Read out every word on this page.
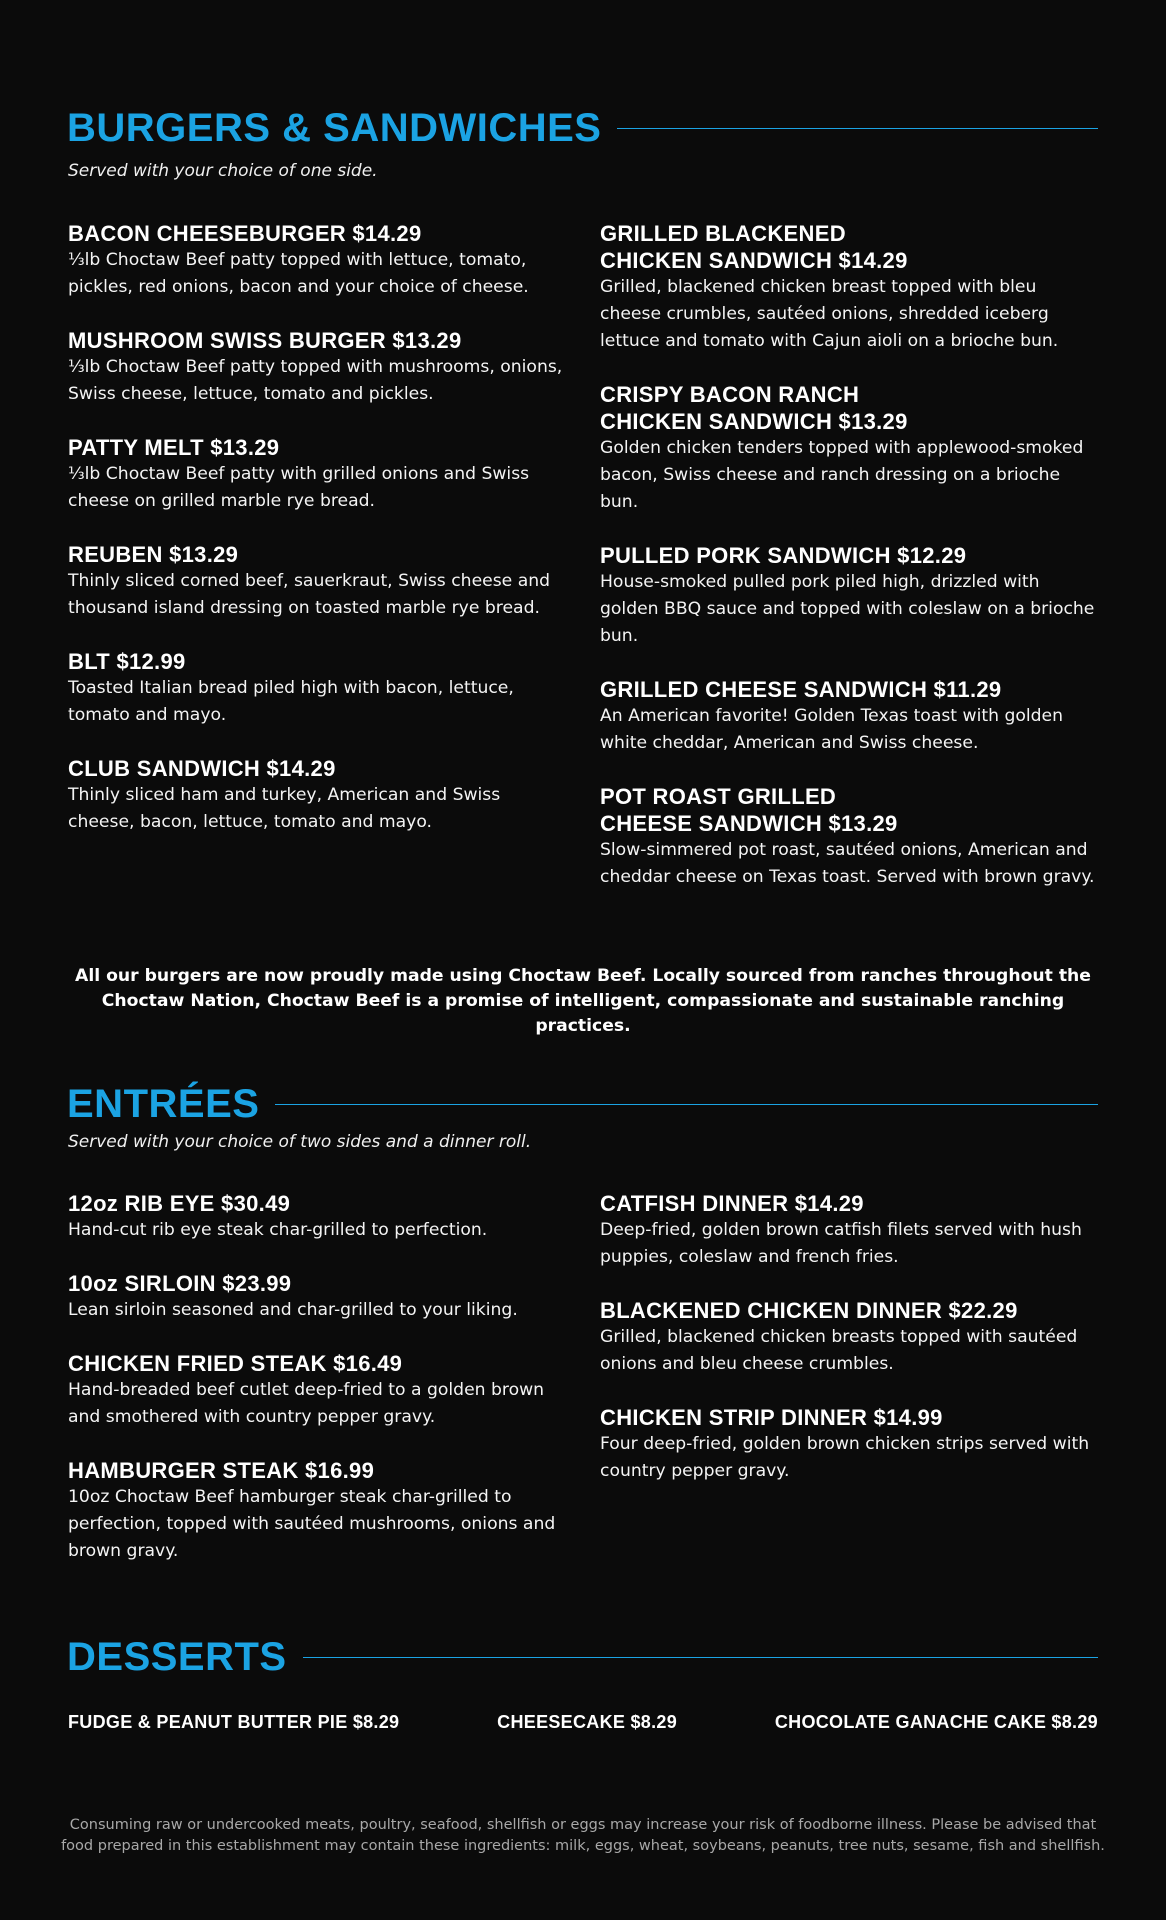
BURGERS & SANDWICHES
Served with your choice of one side.
BACON CHEESEBURGER $14.29
⅓lb Choctaw Beef patty topped with lettuce, tomato, pickles, red onions, bacon and your choice of cheese.
MUSHROOM SWISS BURGER $13.29
⅓lb Choctaw Beef patty topped with mushrooms, onions, Swiss cheese, lettuce, tomato and pickles.
PATTY MELT $13.29
⅓lb Choctaw Beef patty with grilled onions and Swiss cheese on grilled marble rye bread.
REUBEN $13.29
Thinly sliced corned beef, sauerkraut, Swiss cheese and thousand island dressing on toasted marble rye bread.
BLT $12.99
Toasted Italian bread piled high with bacon, lettuce, tomato and mayo.
CLUB SANDWICH $14.29
Thinly sliced ham and turkey, American and Swiss cheese, bacon, lettuce, tomato and mayo.
GRILLED BLACKENED
CHICKEN SANDWICH $14.29
Grilled, blackened chicken breast topped with bleu cheese crumbles, sautéed onions, shredded iceberg lettuce and tomato with Cajun aioli on a brioche bun.
CRISPY BACON RANCH
CHICKEN SANDWICH $13.29
Golden chicken tenders topped with applewood-smoked bacon, Swiss cheese and ranch dressing on a brioche bun.
PULLED PORK SANDWICH $12.29
House-smoked pulled pork piled high, drizzled with golden BBQ sauce and topped with coleslaw on a brioche bun.
GRILLED CHEESE SANDWICH $11.29
An American favorite! Golden Texas toast with golden white cheddar, American and Swiss cheese.
POT ROAST GRILLED
CHEESE SANDWICH $13.29
Slow-simmered pot roast, sautéed onions, American and cheddar cheese on Texas toast. Served with brown gravy.
All our burgers are now proudly made using Choctaw Beef. Locally sourced from ranches throughout the Choctaw Nation, Choctaw Beef is a promise of intelligent, compassionate and sustainable ranching practices.
ENTRÉES
Served with your choice of two sides and a dinner roll.
12oz RIB EYE $30.49
Hand-cut rib eye steak char-grilled to perfection.
10oz SIRLOIN $23.99
Lean sirloin seasoned and char-grilled to your liking.
CHICKEN FRIED STEAK $16.49
Hand-breaded beef cutlet deep-fried to a golden brown and smothered with country pepper gravy.
HAMBURGER STEAK $16.99
10oz Choctaw Beef hamburger steak char-grilled to perfection, topped with sautéed mushrooms, onions and brown gravy.
CATFISH DINNER $14.29
Deep-fried, golden brown catfish filets served with hush puppies, coleslaw and french fries.
BLACKENED CHICKEN DINNER $22.29
Grilled, blackened chicken breasts topped with sautéed onions and bleu cheese crumbles.
CHICKEN STRIP DINNER $14.99
Four deep-fried, golden brown chicken strips served with country pepper gravy.
DESSERTS
FUDGE & PEANUT BUTTER PIE $8.29	CHEESECAKE $8.29	CHOCOLATE GANACHE CAKE $8.29
Consuming raw or undercooked meats, poultry, seafood, shellfish or eggs may increase your risk of foodborne illness. Please be advised that food prepared in this establishment may contain these ingredients: milk, eggs, wheat, soybeans, peanuts, tree nuts, sesame, fish and shellfish.
